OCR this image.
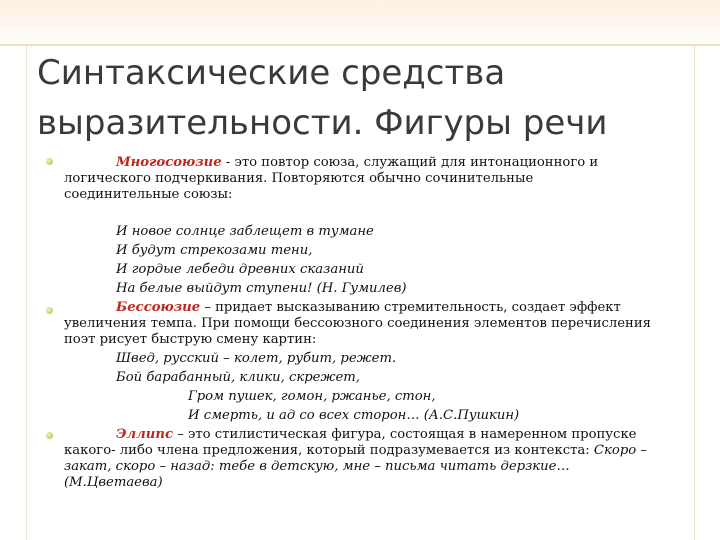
Синтаксические средства
выразительности. Фигуры речи
Многосоюзие - это повтор союза, служащий для интонационного и
логического подчеркивания. Повторяются обычно сочинительные
соединительные союзы:
И новое солнце заблещет в тумане
И будут стрекозами тени,
И гордые лебеди древних сказаний
На белые выйдут ступени! (Н. Гумилев)
Бессоюзие – придает высказыванию стремительность, создает эффект
увеличения темпа. При помощи бессоюзного соединения элементов перечисления
поэт рисует быструю смену картин:
Швед, русский – колет, рубит, режет.
Бой барабанный, клики, скрежет,
Гром пушек, гомон, ржанье, стон,
И смерть, и ад со всех сторон… (А.С.Пушкин)
Эллипс – это стилистическая фигура, состоящая в намеренном пропуске
какого- либо члена предложения, который подразумевается из контекста: Скоро –
закат, скоро – назад: тебе в детскую, мне – письма читать дерзкие…
(М.Цветаева)
